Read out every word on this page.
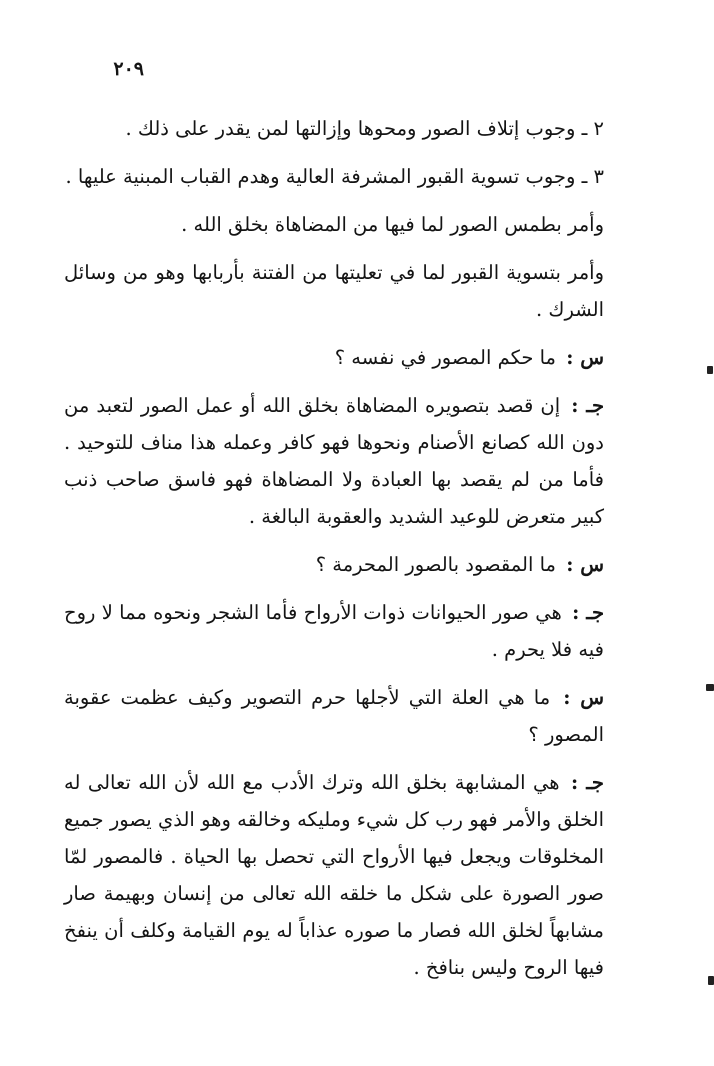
٢٠٩

٢ ـ وجوب إتلاف الصور ومحوها وإزالتها لمن يقدر على ذلك .

٣ ـ وجوب تسوية القبور المشرفة العالية وهدم القباب المبنية عليها .

وأمر بطمس الصور لما فيها من المضاهاة بخلق الله .

وأمر بتسوية القبور لما في تعليتها من الفتنة بأربابها وهو من وسائل الشرك .

س : ما حكم المصور في نفسه ؟

جـ : إن قصد بتصويره المضاهاة بخلق الله أو عمل الصور لتعبد من دون الله كصانع الأصنام ونحوها فهو كافر وعمله هذا مناف للتوحيد . فأما من لم يقصد بها العبادة ولا المضاهاة فهو فاسق صاحب ذنب كبير متعرض للوعيد الشديد والعقوبة البالغة .

س : ما المقصود بالصور المحرمة ؟

جـ : هي صور الحيوانات ذوات الأرواح فأما الشجر ونحوه مما لا روح فيه فلا يحرم .

س : ما هي العلة التي لأجلها حرم التصوير وكيف عظمت عقوبة المصور ؟

جـ : هي المشابهة بخلق الله وترك الأدب مع الله لأن الله تعالى له الخلق والأمر فهو رب كل شيء ومليكه وخالقه وهو الذي يصور جميع المخلوقات ويجعل فيها الأرواح التي تحصل بها الحياة . فالمصور لمّا صور الصورة على شكل ما خلقه الله تعالى من إنسان وبهيمة صار مشابهاً لخلق الله فصار ما صوره عذاباً له يوم القيامة وكلف أن ينفخ فيها الروح وليس بنافخ .
